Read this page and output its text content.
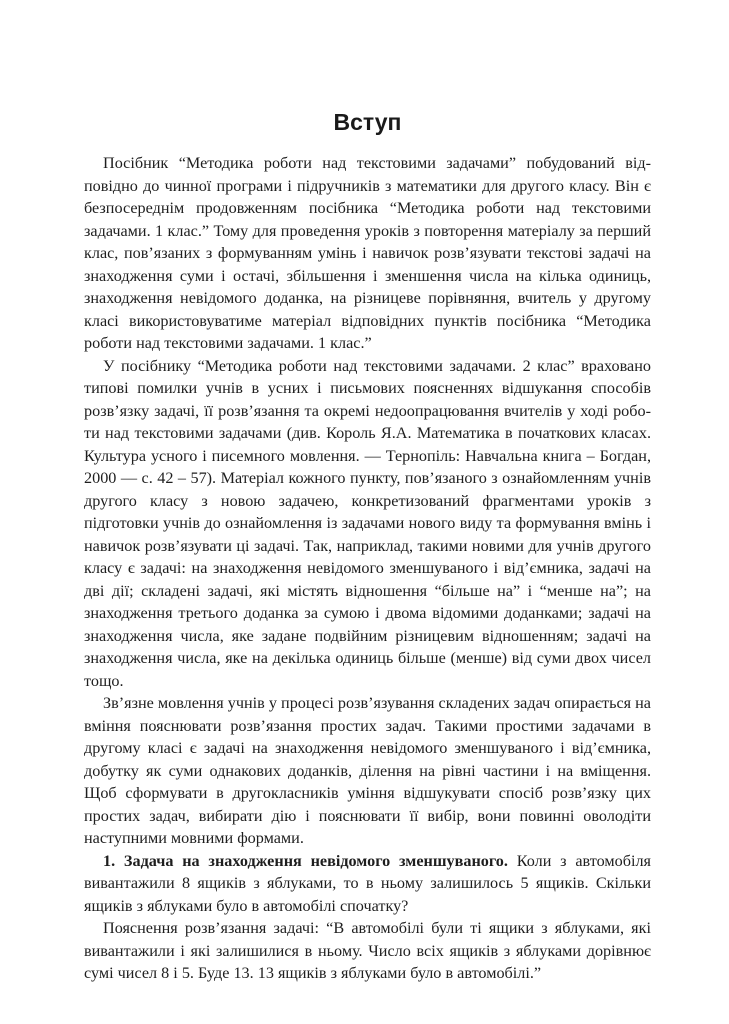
Вступ

Посібник “Методика роботи над текстовими задачами” побудований відповідно до чинної програми і підручників з математики для другого класу. Він є безпосереднім продовженням посібника “Методика роботи над текстовими задачами. 1 клас.” Тому для проведення уроків з повторення матеріалу за перший клас, пов’язаних з формуванням умінь і навичок розв’язувати текстові задачі на знаходження суми і остачі, збільшення і зменшення числа на кілька одиниць, знаходження невідомого доданка, на різницеве порівняння, вчитель у другому класі використовуватиме матеріал відповідних пунктів посібника “Методика роботи над текстовими задачами. 1 клас.”

У посібнику “Методика роботи над текстовими задачами. 2 клас” враховано типові помилки учнів в усних і письмових поясненнях відшукання способів розв’язку задачі, її розв’язання та окремі недоопрацювання вчителів у ході роботи над текстовими задачами (див. Король Я.А. Математика в початкових класах. Культура усного і писемного мовлення. — Тернопіль: Навчальна книга – Богдан, 2000 — с. 42 – 57). Матеріал кожного пункту, пов’язаного з ознайомленням учнів другого класу з новою задачею, конкретизований фрагментами уроків з підготовки учнів до ознайомлення із задачами нового виду та формування вмінь і навичок розв’язувати ці задачі. Так, наприклад, такими новими для учнів другого класу є задачі: на знаходження невідомого зменшуваного і від’ємника, задачі на дві дії; складені задачі, які містять відношення “більше на” і “менше на”; на знаходження третього доданка за сумою і двома відомими доданками; задачі на знаходження числа, яке задане подвійним різницевим відношенням; задачі на знаходження числа, яке на декілька одиниць більше (менше) від суми двох чисел тощо.

Зв’язне мовлення учнів у процесі розв’язування складених задач опирається на вміння пояснювати розв’язання простих задач. Такими простими задачами в другому класі є задачі на знаходження невідомого зменшуваного і від’ємника, добутку як суми однакових доданків, ділення на рівні частини і на вміщення. Щоб сформувати в другокласників уміння відшукувати спосіб розв’язку цих простих задач, вибирати дію і пояснювати її вибір, вони повинні оволодіти наступними мовними формами.

1. Задача на знаходження невідомого зменшуваного. Коли з автомобіля вивантажили 8 ящиків з яблуками, то в ньому залишилось 5 ящиків. Скільки ящиків з яблуками було в автомобілі спочатку?

Пояснення розв’язання задачі: “В автомобілі були ті ящики з яблуками, які вивантажили і які залишилися в ньому. Число всіх ящиків з яблуками дорівнює сумі чисел 8 і 5. Буде 13. 13 ящиків з яблуками було в автомобілі.”
